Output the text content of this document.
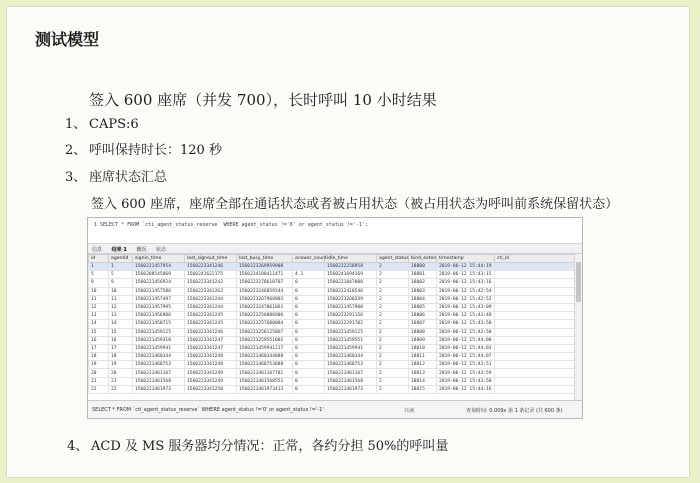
测试模型
签入 600 座席（并发 700），长时呼叫 10 小时结果
1、 CAPS:6
2、 呼叫保持时长：120 秒
3、 座席状态汇总
签入 600 座席，座席全部在通话状态或者被占用状态（被占用状态为呼叫前系统保留状态）
1 SELECT * FROM `cti_agent_status_reserve` WHERE agent_status !='0' or agent_status !='-1';
信息 结果 1 概况 状态
id	agentid	signin_time	last_signout_time	last_busy_time	answer_count	idle_time	agent_status	bind_exten	timestamp	cti_id
1	1	1560221457954	1560223341246	1560223269959908		1560222258958	2	18800	2019-06-12 15:44:19	
5	5	1560288545069	1560241622175	1560234188411471	4.1	1560241694169	2	18801	2019-06-12 15:43:15	
9	9	1560221456924	1560223341242	1560223278610707	0	1560221847080	2	18802	2019-06-12 15:43:16	
10	10	1560221457586	1560223341263	1560223246859344	0	1560222418546	2	18803	2019-06-12 15:42:54	
11	11	1560221457497	1560223341244	1560223267968903	0	1560223260339	2	18804	2019-06-12 15:42:52	
12	12	1560221457995	1560223341244	1560223247861061	0	1560221457900	2	18805	2019-06-12 15:43:09	
13	13	1560221456906	1560223341245	1560223256806906	0	1560223291156	2	18806	2019-06-12 15:43:48	
14	14	1560221458715	1560223341245	1560223257600084	0	1560222291702	2	18807	2019-06-12 15:43:50	
15	15	1560221459125	1560223341246	1560223258125867	0	1560221459125	2	18808	2019-06-12 15:42:50	
16	16	1560221459310	1560223341247	1560223259551002	0	1560221459551	2	18809	2019-06-12 15:44:00	
17	17	1560221459941	1560223341247	1560221459941217	0	1560221459941	2	18810	2019-06-12 15:44:03	
18	18	1560221460344	1560223341248	1560221460344888	0	1560221460344	2	18811	2019-06-12 15:44:07	
19	19	1560221460753	1560223341248	1560221460753688	0	1560221460753	2	18812	2019-06-12 15:43:51	
20	20	1560221461167	1560223341249	1560221461167781	0	1560221461167	2	18813	2019-06-12 15:43:59	
21	21	1560221461568	1560223341249	1560221461568551	0	1560221461568	2	18814	2019-06-12 15:43:58	
22	22	1560221461973	1560223341250	1560221461973413	0	1560221461973	2	18815	2019-06-12 15:44:16	
SELECT * FROM `cti_agent_status_reserve` WHERE agent_status !='0' or agent_status !='-1'	只读	查询时间: 0.009s 第 1 条记录 (共 600 条)
4、 ACD 及 MS 服务器均分情况：正常，各约分担 50%的呼叫量
